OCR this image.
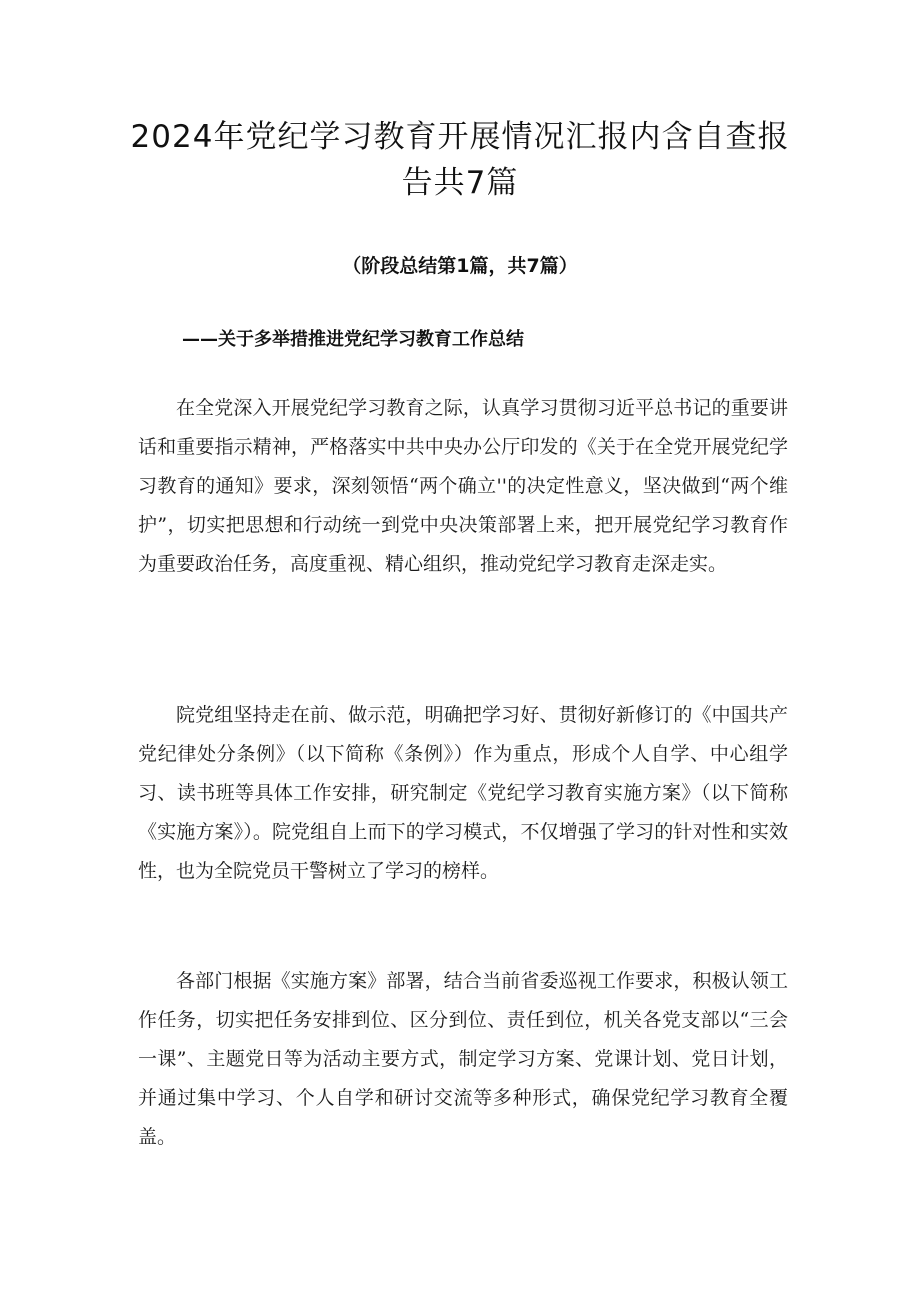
2024年党纪学习教育开展情况汇报内含自查报告共7篇
（阶段总结第1篇，共7篇）
——关于多举措推进党纪学习教育工作总结

在全党深入开展党纪学习教育之际，认真学习贯彻习近平总书记的重要讲话和重要指示精神，严格落实中共中央办公厅印发的《关于在全党开展党纪学习教育的通知》要求，深刻领悟“两个确立''的决定性意义，坚决做到“两个维护”，切实把思想和行动统一到党中央决策部署上来，把开展党纪学习教育作为重要政治任务，高度重视、精心组织，推动党纪学习教育走深走实。

院党组坚持走在前、做示范，明确把学习好、贯彻好新修订的《中国共产党纪律处分条例》（以下简称《条例》）作为重点，形成个人自学、中心组学习、读书班等具体工作安排，研究制定《党纪学习教育实施方案》（以下简称《实施方案》）。院党组自上而下的学习模式，不仅增强了学习的针对性和实效性，也为全院党员干警树立了学习的榜样。

各部门根据《实施方案》部署，结合当前省委巡视工作要求，积极认领工作任务，切实把任务安排到位、区分到位、责任到位，机关各党支部以“三会一课”、主题党日等为活动主要方式，制定学习方案、党课计划、党日计划，并通过集中学习、个人自学和研讨交流等多种形式，确保党纪学习教育全覆盖。
